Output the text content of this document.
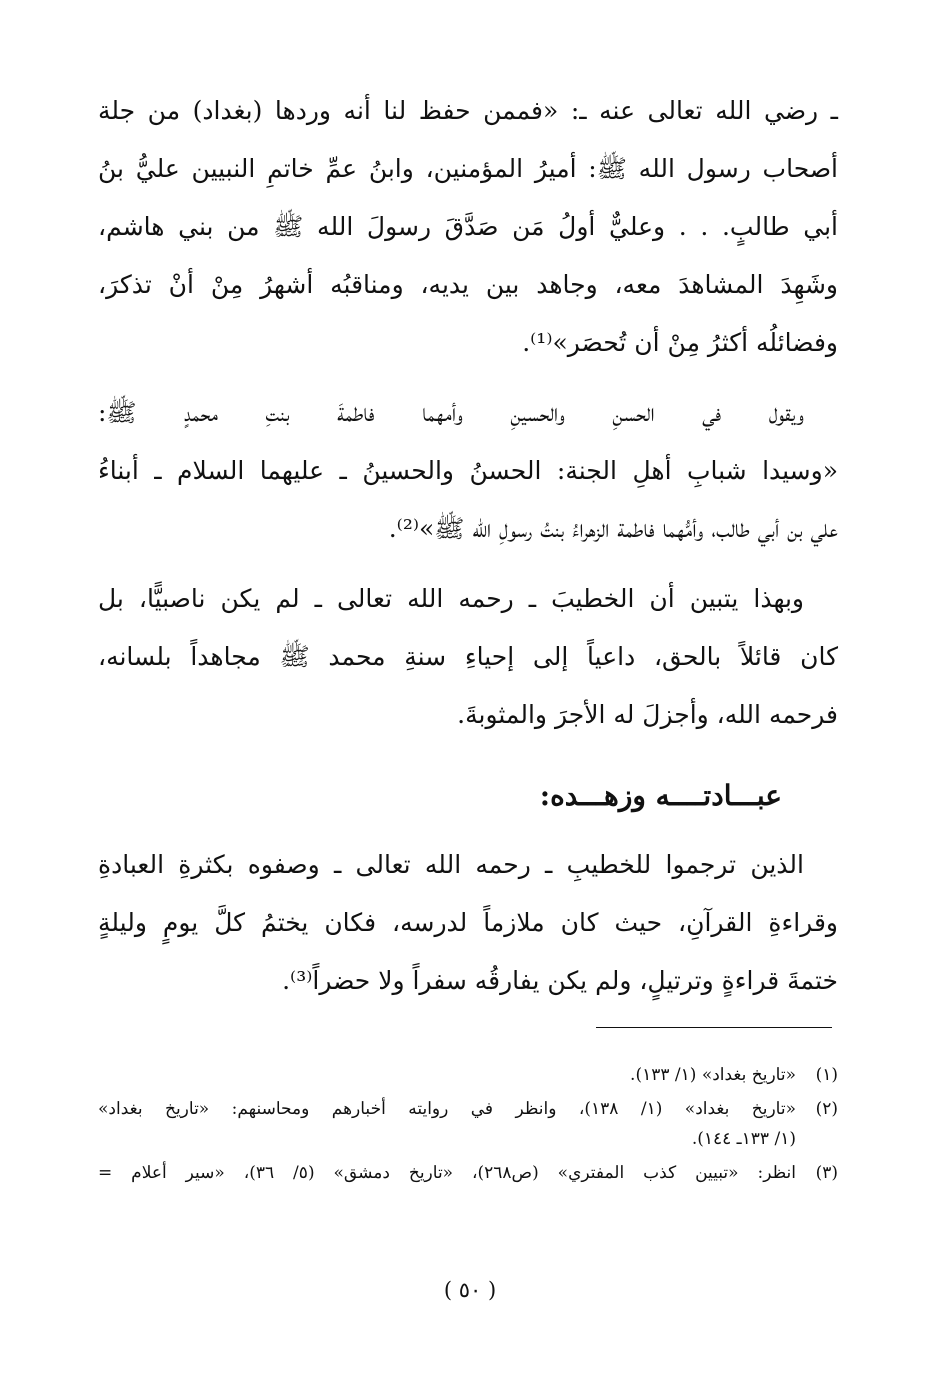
ـ رضي الله تعالى عنه ـ: «فممن حفظ لنا أنه وردها (بغداد) من جلة
أصحاب رسول الله ﷺ: أميرُ المؤمنين، وابنُ عمِّ خاتمِ النبيين عليُّ بنُ
أبي طالبٍ. . . وعليٌّ أولُ مَن صَدَّقَ رسولَ الله ﷺ من بني هاشم،
وشَهِدَ المشاهدَ معه، وجاهد بين يديه، ومناقبُه أشهرُ مِنْ أنْ تذكرَ،
وفضائلُه أكثرُ مِنْ أن تُحصَر»⁽¹⁾.
ويقول في الحسنِ والحسينِ وأمهما فاطمةَ بنتِ محمدٍ ﷺ:
«وسيدا شبابِ أهلِ الجنة: الحسنُ والحسينُ ـ عليهما السلام ـ أبناءُ
علي بن أبي طالب، وأمُّهما فاطمة الزهراءُ بنتُ رسولِ الله ﷺ»⁽²⁾.
وبهذا يتبين أن الخطيبَ ـ رحمه الله تعالى ـ لم يكن ناصبيًّا، بل
كان قائلاً بالحق، داعياً إلى إحياءِ سنةِ محمد ﷺ مجاهداً بلسانه،
فرحمه الله، وأجزلَ له الأجرَ والمثوبةَ.
عبـــادتــــه وزهـــده:
الذين ترجموا للخطيبِ ـ رحمه الله تعالى ـ وصفوه بكثرةِ العبادةِ
وقراءةِ القرآنِ، حيث كان ملازماً لدرسه، فكان يختمُ كلَّ يومٍ وليلةٍ
ختمةَ قراءةٍ وترتيلٍ، ولم يكن يفارقُه سفراً ولا حضراً⁽³⁾.
(١)
«تاريخ بغداد» (١/ ١٣٣).
(٢)
«تاريخ بغداد» (١/ ١٣٨)، وانظر في روايته أخبارهم ومحاسنهم: «تاريخ بغداد»
(١/ ١٣٣ـ ١٤٤).
(٣)
انظر: «تبيين كذب المفتري» (ص٢٦٨)، «تاريخ دمشق» (٥/ ٣٦)، «سير أعلام =
( ٥٠ )
